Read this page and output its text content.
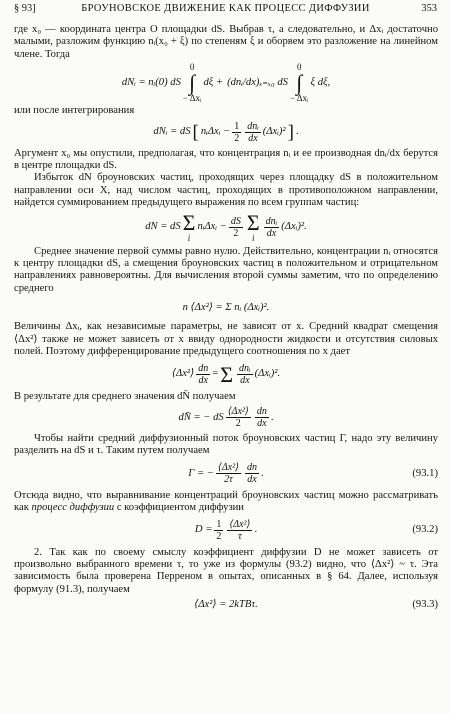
§ 93]	БРОУНОВСКОЕ ДВИЖЕНИЕ КАК ПРОЦЕСС ДИФФУЗИИ	353

где x₀ — координата центра O площадки dS. Выбрав τ, а следовательно, и Δxᵢ достаточно малыми, разложим функцию nᵢ(x₀ + ξ) по степеням ξ и оборвем это разложение на линейном члене. Тогда

dNᵢ = nᵢ(0) dS
0
∫
− Δxᵢ
dξ + (dnᵢ/dx)ₓ₌ₓ₀ dS
0
∫
− Δxᵢ
ξ dξ,

или после интегрирования

dNᵢ = dS [ nᵢΔxᵢ − $\frac{1}{2} \frac{\text{dnᵢ}}{dx}$ (Δxᵢ)² ] .

Аргумент x₀ мы опустили, предполагая, что концентрация nᵢ и ее производная dnᵢ/dx берутся в центре площадки dS.

Избыток dN броуновских частиц, проходящих через площадку dS в положительном направлении оси X, над числом частиц, проходящих в противоположном направлении, найдется суммированием предыдущего выражения по всем группам частиц:

dN = dS Σ
i
nᵢΔxᵢ − $\frac{dS}{2}$ Σ
i $\frac{\text{dnᵢ}}{dx}$ (Δxᵢ)².

Среднее значение первой суммы равно нулю. Действительно, концентрации nᵢ относятся к центру площадки dS, а смещения броуновских частиц в положительном и отрицательном направлениях равновероятны. Для вычисления второй суммы заметим, что по определению среднего

n ⟨Δx²⟩ = Σ nᵢ (Δxᵢ)².

Величины Δxᵢ, как независимые параметры, не зависят от x. Средний квадрат смещения ⟨Δx²⟩ также не может зависеть от x ввиду однородности жидкости и отсутствия силовых полей. Поэтому дифференцирование предыдущего соотношения по x дает

⟨Δx²⟩ $\frac{dn}{dx} = \Sigma \frac{\text{dnᵢ}}{dx}$ (Δxᵢ)².

В результате для среднего значения dN̄ получаем

dN̄ = − dS $\frac{\text{⟨Δx²⟩}}{2} \frac{dn}{dx}$ .

Чтобы найти средний диффузионный поток броуновских частиц Γ, надо эту величину разделить на dS и τ. Таким путем получаем

Γ = − $\frac{\text{⟨Δx²⟩}}{2\tau} \frac{dn}{dx}$ .	(93.1)

Отсюда видно, что выравнивание концентраций броуновских частиц можно рассматривать как процесс диффузии с коэффициентом диффузии

$D = \frac{1}{2} \frac{\text{⟨Δx²⟩}}{\tau}$ .	(93.2)

2. Так как по своему смыслу коэффициент диффузии D не может зависеть от произвольно выбранного времени τ, то уже из формулы (93.2) видно, что ⟨Δx²⟩ ~ τ. Эта зависимость была проверена Перреном в опытах, описанных в § 64. Далее, используя формулу (91.3), получаем

⟨Δx²⟩ = 2kTBτ.	(93.3)
